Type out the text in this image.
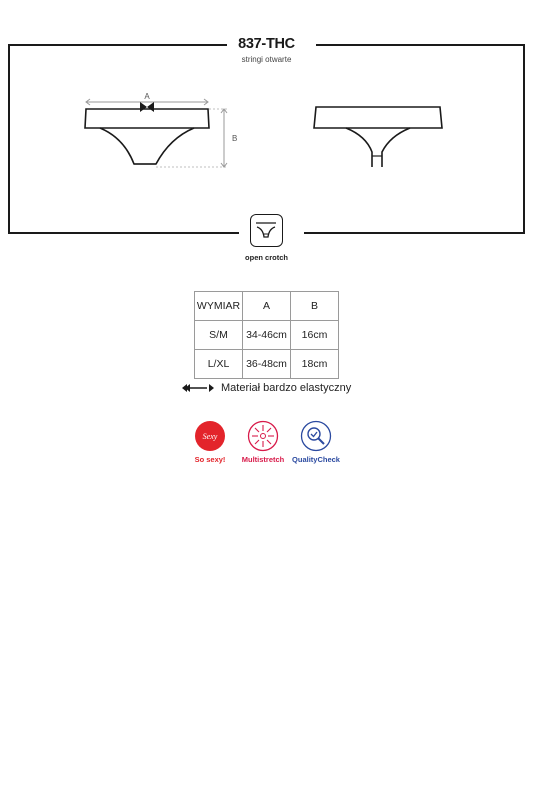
837-THC
stringi otwarte
A
B
open crotch
WYMIAR	A	B
S/M	34-46cm	16cm
L/XL	36-48cm	18cm
Materiał bardzo elastyczny
Sexy
So sexy!	Multistretch	QualityCheck
